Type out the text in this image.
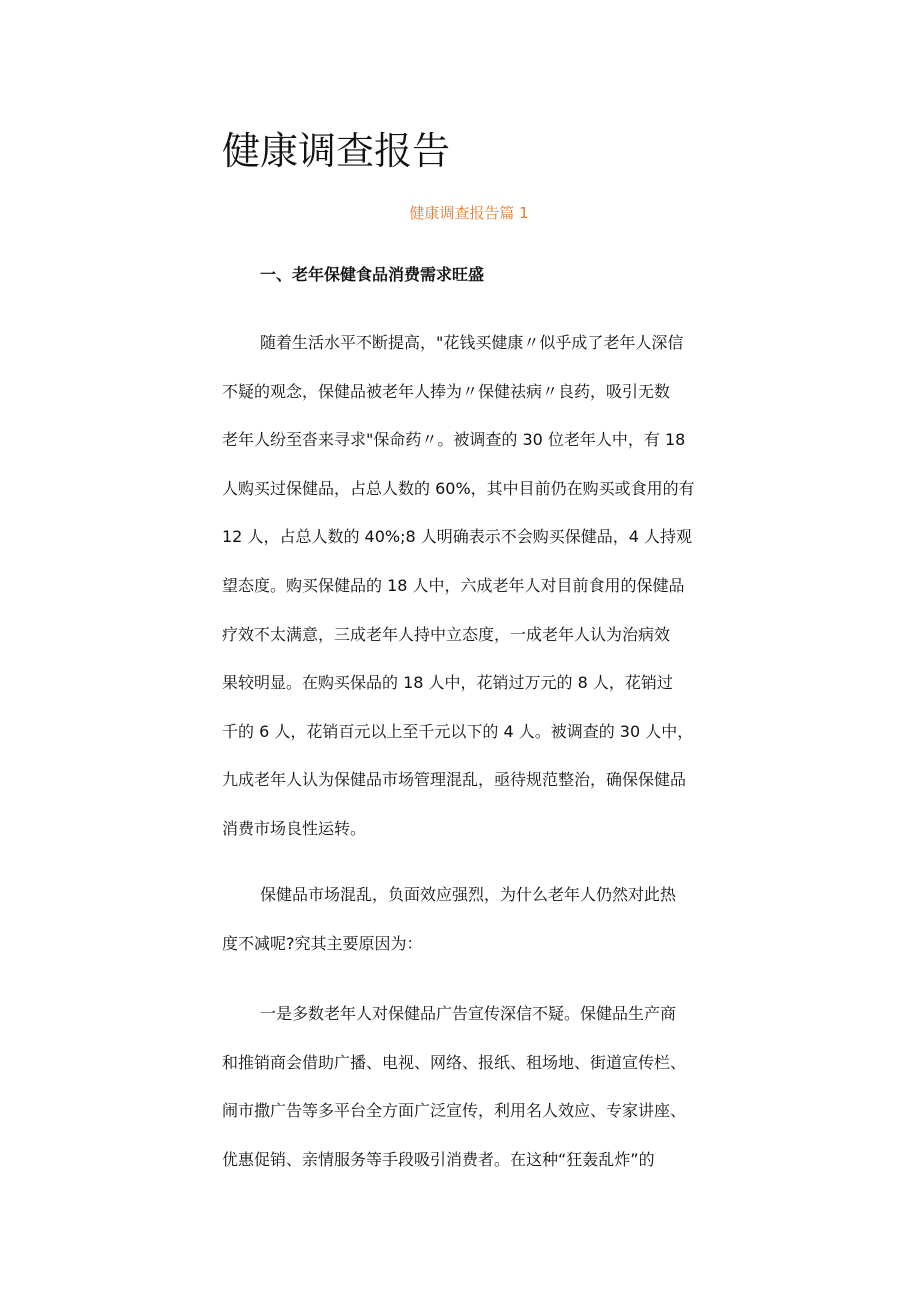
健康调查报告
健康调查报告篇 1
一、老年保健食品消费需求旺盛
随着生活水平不断提高，"花钱买健康〃似乎成了老年人深信
不疑的观念，保健品被老年人捧为〃保健祛病〃良药，吸引无数
老年人纷至沓来寻求"保命药〃。被调查的 30 位老年人中，有 18
人购买过保健品，占总人数的 60%，其中目前仍在购买或食用的有
12 人，占总人数的 40%;8 人明确表示不会购买保健品，4 人持观
望态度。购买保健品的 18 人中，六成老年人对目前食用的保健品
疗效不太满意，三成老年人持中立态度，一成老年人认为治病效
果较明显。在购买保品的 18 人中，花销过万元的 8 人，花销过
千的 6 人，花销百元以上至千元以下的 4 人。被调查的 30 人中，
九成老年人认为保健品市场管理混乱，亟待规范整治，确保保健品
消费市场良性运转。
保健品市场混乱，负面效应强烈，为什么老年人仍然对此热
度不减呢?究其主要原因为：
一是多数老年人对保健品广告宣传深信不疑。保健品生产商
和推销商会借助广播、电视、网络、报纸、租场地、街道宣传栏、
闹市撒广告等多平台全方面广泛宣传，利用名人效应、专家讲座、
优惠促销、亲情服务等手段吸引消费者。在这种“狂轰乱炸”的
